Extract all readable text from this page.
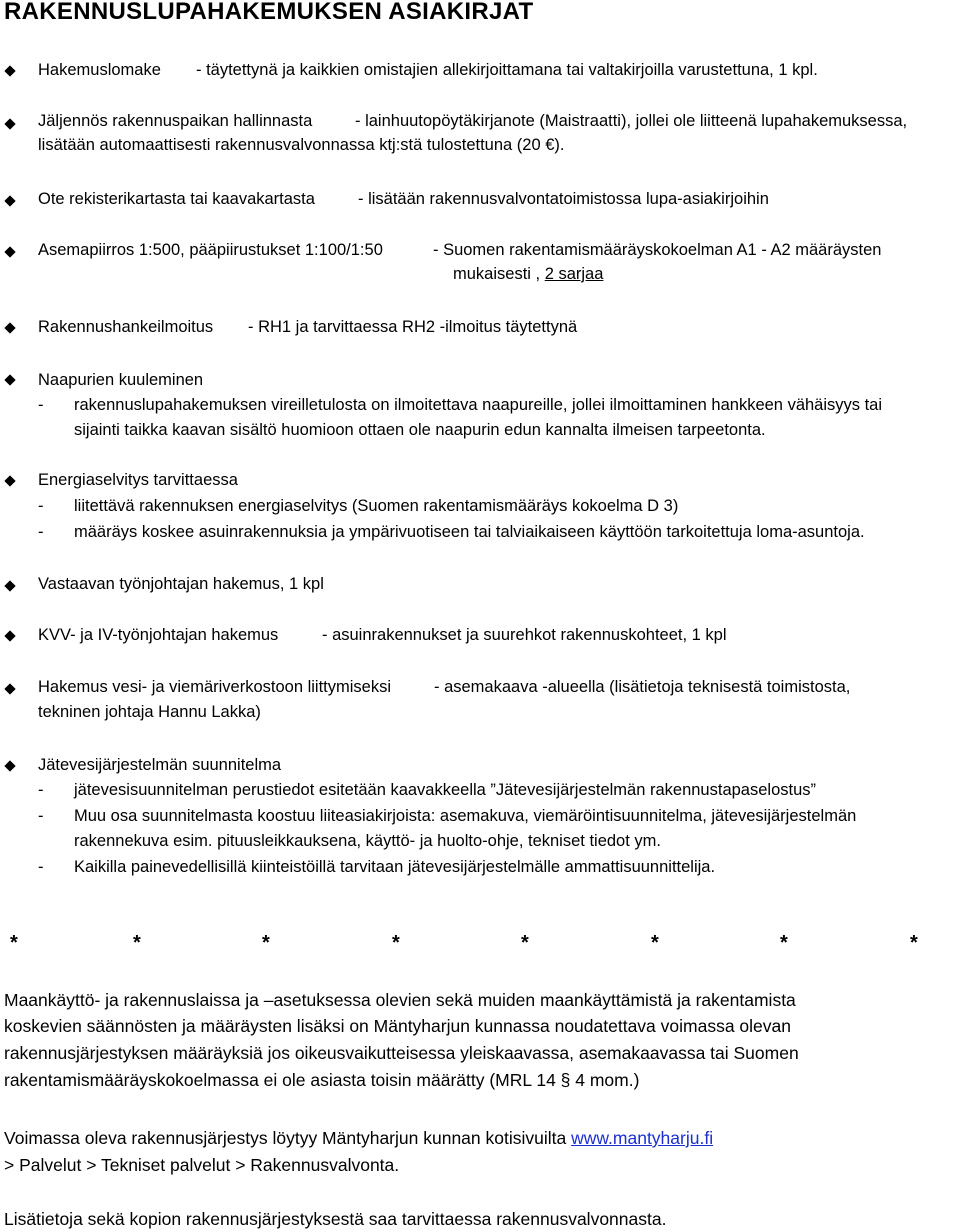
RAKENNUSLUPAHAKEMUKSEN ASIAKIRJAT
Hakemuslomake - täytettynä ja kaikkien omistajien allekirjoittamana tai valtakirjoilla varustettuna, 1 kpl.
Jäljennös rakennuspaikan hallinnasta	- lainhuutopöytäkirjanote (Maistraatti), jollei ole liitteenä lupahakemuksessa,
lisätään automaattisesti rakennusvalvonnassa ktj:stä tulostettuna (20 €).
Ote rekisterikartasta tai kaavakartasta	- lisätään rakennusvalvontatoimistossa lupa-asiakirjoihin
Asemapiirros 1:500, pääpiirustukset 1:100/1:50	- Suomen rakentamismääräyskokoelman A1 - A2 määräysten
mukaisesti , 2 sarjaa
Rakennushankeilmoitus - RH1 ja tarvittaessa RH2 -ilmoitus täytettynä
Naapurien kuuleminen
- rakennuslupahakemuksen vireilletulosta on ilmoitettava naapureille, jollei ilmoittaminen hankkeen vähäisyys tai
sijainti taikka kaavan sisältö huomioon ottaen ole naapurin edun kannalta ilmeisen tarpeetonta.
Energiaselvitys tarvittaessa
- liitettävä rakennuksen energiaselvitys (Suomen rakentamismääräys kokoelma D 3)
- määräys koskee asuinrakennuksia ja ympärivuotiseen tai talviaikaiseen käyttöön tarkoitettuja loma-asuntoja.
Vastaavan työnjohtajan hakemus, 1 kpl
KVV- ja IV-työnjohtajan hakemus	- asuinrakennukset ja suurehkot rakennuskohteet, 1 kpl
Hakemus vesi- ja viemäriverkostoon liittymiseksi	- asemakaava -alueella (lisätietoja teknisestä toimistosta,
tekninen johtaja Hannu Lakka)
Jätevesijärjestelmän suunnitelma
- jätevesisuunnitelman perustiedot esitetään kaavakkeella ”Jätevesijärjestelmän rakennustapaselostus”
- Muu osa suunnitelmasta koostuu liiteasiakirjoista: asemakuva, viemäröintisuunnitelma, jätevesijärjestelmän
rakennekuva esim. pituusleikkauksena, käyttö- ja huolto-ohje, tekniset tiedot ym.
- Kaikilla painevedellisillä kiinteistöillä tarvitaan jätevesijärjestelmälle ammattisuunnittelija.
*	*	*	*	*	*	*	*
Maankäyttö- ja rakennuslaissa ja –asetuksessa olevien sekä muiden maankäyttämistä ja rakentamista
koskevien säännösten ja määräysten lisäksi on Mäntyharjun kunnassa noudatettava voimassa olevan
rakennusjärjestyksen määräyksiä jos oikeusvaikutteisessa yleiskaavassa, asemakaavassa tai Suomen
rakentamismääräyskokoelmassa ei ole asiasta toisin määrätty (MRL 14 § 4 mom.)
Voimassa oleva rakennusjärjestys löytyy Mäntyharjun kunnan kotisivuilta www.mantyharju.fi
> Palvelut > Tekniset palvelut > Rakennusvalvonta.
Lisätietoja sekä kopion rakennusjärjestyksestä saa tarvittaessa rakennusvalvonnasta.
